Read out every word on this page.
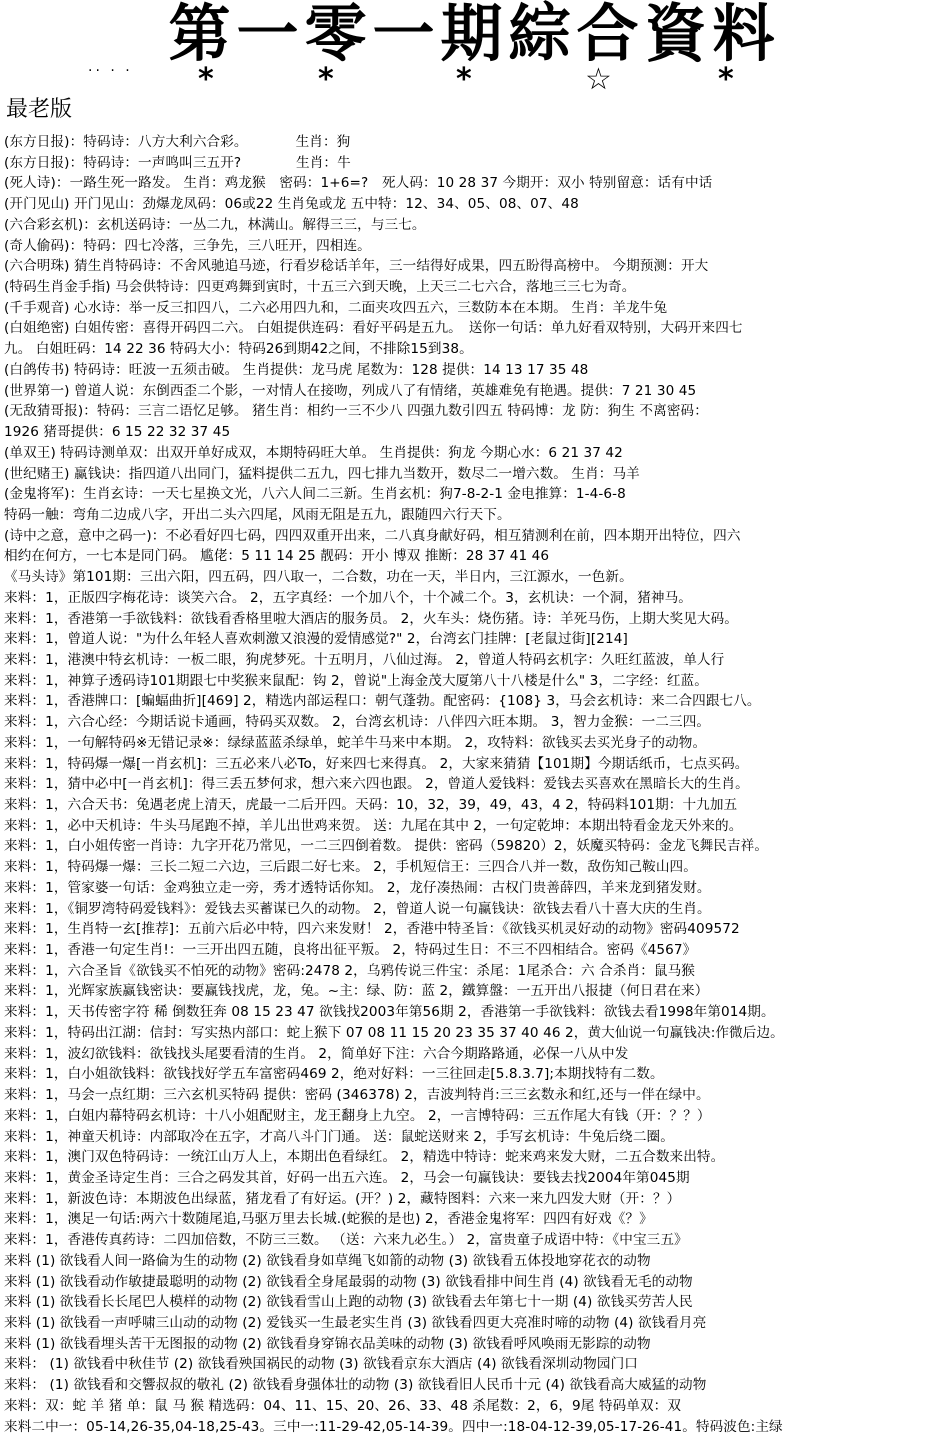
第一零一期綜合資料
·· · · *	*	*	☆	*
最老版
(东方日报)：特码诗：八方大利六合彩。　　　　生肖：狗
(东方日报)：特码诗：一声鸣叫三五开?　　　　生肖：牛
(死人诗)：一路生死一路发。 生肖：鸡龙猴　密码：1+6=?　死人码：10 28 37 今期开：双小 特别留意：话有中话
(开门见山) 开门见山：劲爆龙凤码：06或22 生肖兔或龙 五中特：12、34、05、08、07、48
(六合彩玄机)：玄机送码诗：一丛二九，林满山。解得三三，与三七。
(奇人偷码)：特码：四七冷落，三争先，三八旺开，四相连。
(六合明珠) 猜生肖特码诗：不舍风驰追马迹，行看岁稔话羊年，三一结得好成果，四五盼得高榜中。 今期预测：开大
(特码生肖金手指) 马会供特诗：四更鸡舞到寅时，十五三六到天晚，上天三二七六合，落地三三七为奇。
(千手观音) 心水诗：举一反三扣四八，二六必用四九和，二面夹攻四五六，三数防本在本期。 生肖：羊龙牛兔
(白姐绝密) 白姐传密：喜得开码四二六。 白姐提供连码：看好平码是五九。　送你一句话：单九好看双特别，大码开来四七
九。 白姐旺码：14 22 36 特码大小：特码26到期42之间，不排除15到38。
(白鸽传书) 特码诗：旺波一五须击破。 生肖提供：龙马虎 尾数为：128 提供：14 13 17 35 48
(世界第一) 曾道人说：东倒西歪二个影，一对情人在接吻，列成八了有情绪，英雄难免有艳遇。提供：7 21 30 45
(无敌猜哥报)：特码：三言二语忆足够。 猪生肖：相约一三不少八 四强九数引四五 特码博：龙 防：狗生 不离密码：
1926 猪哥提供：6 15 22 32 37 45
(单双王) 特码诗测单双：出双开单好成双，本期特码旺大单。 生肖提供：狗龙 今期心水：6 21 37 42
(世纪赌王) 赢钱诀：指四道八出同门，猛料提供二五九，四七排九当数开，数尽二一增六数。 生肖：马羊
(金鬼将军)：生肖玄诗：一天七星换文光，八六人间二三新。生肖玄机：狗7-8-2-1 金电推算：1-4-6-8
特码一触：弯角二边成八字，开出二头六四尾，风雨无阻是五九，跟随四六行天下。
(诗中之意，意中之码一)：不必看好四七码，四四双重开出来，二八真身献好码，相互猜测利在前，四本期开出特位，四六
相约在何方，一七本是同门码。 尴佬：5 11 14 25 靓码：开小 博双 推断：28 37 41 46
《马头诗》第101期：三出六阳，四五码，四八取一，二合数，功在一天，半日内，三江源水，一色新。
来料：1，正版四字梅花诗：谈笑六合。 2，五字真经：一个加八个，十个减二个。3，玄机诀：一个洞，猪神马。
来料：1，香港第一手欲钱料：欲钱看香格里啦大酒店的服务员。 2，火车头：烧伤猪。诗：羊死马伤，上期大奖见大码。
来料：1，曾道人说："为什么年轻人喜欢刺激又浪漫的爱情感觉?" 2，台湾玄门挂牌：[老鼠过街][214]
来料：1，港澳中特玄机诗：一板二眼，狗虎梦死。十五明月，八仙过海。 2，曾道人特码玄机字：久旺红蓝波，单人行
来料：1，神算子透码诗101期跟七中奖猴来鼠配：钩 2，曾说"上海金茂大厦第八十八楼是什么" 3，二字经：红蓝。
来料：1，香港牌口：[蝙蝠曲折][469] 2，精选内部运程口：朝气蓬勃。配密码：{108} 3，马会玄机诗：来二合四跟七八。
来料：1，六合心经：今期话说卡通画，特码买双数。 2，台湾玄机诗：八伴四六旺本期。 3，智力金猴：一二三四。
来料：1，一句解特码※无错记录※：绿绿蓝蓝杀绿单，蛇羊牛马来中本期。 2，攻特料：欲钱买去买光身子的动物。
来料：1，特码爆一爆[一肖玄机]：三五必来八必To，好来四七来得真。 2，大家来猜猜【101期】今期话纸币，七点买码。
来料：1，猜中必中[一肖玄机]：得三丢五梦何求，想六来六四也跟。 2，曾道人爱钱料：爱钱去买喜欢在黑暗长大的生肖。
来料：1，六合天书：兔遇老虎上清天，虎最一二后开四。天码：10，32，39，49，43，4 2，特码料101期：十九加五
来料：1，必中天机诗：牛头马尾跑不掉，羊儿出世鸡来贺。 送：九尾在其中 2，一句定乾坤：本期出特看金龙天外来的。
来料：1，白小姐传密一肖诗：九字开花乃常见，一二三四倒着数。 提供：密码（59820）2，妖魔买特码：金龙飞舞民吉祥。
来料：1，特码爆一爆：三长二短二六边，三后跟二好七来。 2，手机短信王：三四合八并一数，敌伤知己鞍山四。
来料：1，管家婆一句话：金鸡独立走一旁，秀才透特话你知。 2，龙仔凑热闹：古权门贵善薛四，羊来龙到猪发财。
来料：1，《铜罗湾特码爱钱料》：爱钱去买蓄谋已久的动物。 2，曾道人说一句赢钱诀：欲钱去看八十喜大庆的生肖。
来料：1，生肖特一玄[推荐]：五前六后必中特，四六来发财！ 2，香港中特圣旨：《欲钱买机灵好动的动物》密码409572
来料：1，香港一句定生肖!：一三开出四五随，良将出征平叛。 2，特码过生日：不三不四相结合。密码《4567》
来料：1，六合圣旨《欲钱买不怕死的动物》密码:2478 2，乌鸦传说三件宝：杀尾：1尾杀合：六 合杀肖：鼠马猴
来料：1，光辉家族赢钱密诀：要赢钱找虎，龙，兔。~主：绿、防：蓝 2，鐵算盤：一五开出八报捷（何日君在来）
来料：1，天书传密字符 稀 倒数狂奔 08 15 23 47 欲钱找2003年第56期 2，香港第一手欲钱料：欲钱去看1998年第014期。
来料：1，特码出江湖：信封：写实热内部口：蛇上猴下 07 08 11 15 20 23 35 37 40 46 2，黄大仙说一句赢钱决:作微后边。
来料：1，波幻欲钱料：欲钱找头尾要看清的生肖。 2，简单好下注：六合今期路路通，必保一八从中发
来料：1，白小姐欲钱料：欲钱找好学五车富密码469 2，绝对好料：一三往回走[5.8.3.7];本期找特有二数。
来料：1，马会一点红期：三六玄机买特码 提供：密码 (346378) 2，吉波判特肖:三三玄数永和红,还与一伴在绿中。
来料：1，白姐内幕特码玄机诗：十八小姐配财主，龙王翻身上九空。 2，一言博特码：三五作尾大有钱（开：？？）
来料：1，神童天机诗：内部取冷在五字，才高八斗门门通。 送：鼠蛇送财来 2，手写玄机诗：牛兔后绕二圈。
来料：1，澳门双色特码诗：一统江山万人上，本期出色看绿红。 2，精选中特诗：蛇来鸡来发大财，二五合数来出特。
来料：1，黄金圣诗定生肖：三合之码发其首，好码一出五六连。 2，马会一句赢钱诀：要钱去找2004年第045期
来料：1，新波色诗：本期波色出绿蓝，猪龙看了有好运。(开？) 2，藏特图料：六来一来九四发大财（开：？）
来料：1，澳足一句话:两六十数随尾追,马驱万里去长城.(蛇猴的是也) 2，香港金鬼将军：四四有好戏《？》
来料：1，香港传真药诗：二四加倍数，不防三三数。 （送：六来九必生。） 2，富贵童子成语中特：《中宝三五》
来料 (1) 欲钱看人间一路倫为生的动物 (2) 欲钱看身如草绳飞如箭的动物 (3) 欲钱看五体投地穿花衣的动物
来料 (1) 欲钱看动作敏捷最聪明的动物 (2) 欲钱看全身尾最弱的动物 (3) 欲钱看排中间生肖 (4) 欲钱看无毛的动物
来料 (1) 欲钱看长长尾巴人模样的动物 (2) 欲钱看雪山上跑的动物 (3) 欲钱看去年第七十一期 (4) 欲钱买劳苦人民
来料 (1) 欲钱看一声呼啸三山动的动物 (2) 爱钱买一生最老实生肖 (3) 欲钱看四更大亮准时啼的动物 (4) 欲钱看月亮
来料 (1) 欲钱看埋头苦干无图报的动物 (2) 欲钱看身穿锦衣品美味的动物 (3) 欲钱看呼风唤雨无影踪的动物
来料： (1) 欲钱看中秋佳节 (2) 欲钱看殃国祸民的动物 (3) 欲钱看京东大酒店 (4) 欲钱看深圳动物园门口
来料： (1) 欲钱看和交響叔叔的敬礼 (2) 欲钱看身强体壮的动物 (3) 欲钱看旧人民币十元 (4) 欲钱看高大威猛的动物
来料：双：蛇 羊 猪 单：鼠 马 猴 精选码：04、11、15、20、26、33、48 杀尾数：2，6，9尾 特码单双：双
来料二中一：05-14,26-35,04-18,25-43。三中一:11-29-42,05-14-39。四中一:18-04-12-39,05-17-26-41。特码波色:主绿
